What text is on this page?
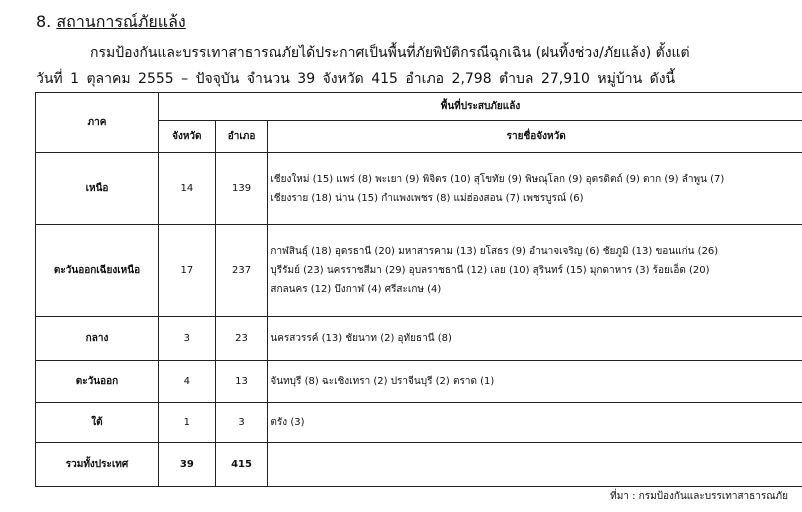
8. สถานการณ์ภัยแล้ง
กรมป้องกันและบรรเทาสาธารณภัยได้ประกาศเป็นพื้นที่ภัยพิบัติกรณีฉุกเฉิน (ฝนทิ้งช่วง/ภัยแล้ง) ตั้งแต่
วันที่ 1 ตุลาคม 2555 – ปัจจุบัน จำนวน 39 จังหวัด 415 อำเภอ 2,798 ตำบล 27,910 หมู่บ้าน ดังนี้
ภาค	พื้นที่ประสบภัยแล้ง		
	จังหวัด	อำเภอ	รายชื่อจังหวัด
เหนือ	14	139	เชียงใหม่ (15) แพร่ (8) พะเยา (9) พิจิตร (10) สุโขทัย (9) พิษณุโลก (9) อุตรดิตถ์ (9) ตาก (9) ลำพูน (7)
เชียงราย (18) น่าน (15) กำแพงเพชร (8) แม่ฮ่องสอน (7) เพชรบูรณ์ (6)

ตะวันออกเฉียงเหนือ	17	237	กาฬสินธุ์ (18) อุดรธานี (20) มหาสารคาม (13) ยโสธร (9) อำนาจเจริญ (6) ชัยภูมิ (13) ขอนแก่น (26)
บุรีรัมย์ (23) นครราชสีมา (29) อุบลราชธานี (12) เลย (10) สุรินทร์ (15) มุกดาหาร (3) ร้อยเอ็ด (20)
สกลนคร (12) บึงกาฬ (4) ศรีสะเกษ (4)

กลาง	3	23	นครสวรรค์ (13) ชัยนาท (2) อุทัยธานี (8)

ตะวันออก	4	13	จันทบุรี (8) ฉะเชิงเทรา (2) ปราจีนบุรี (2) ตราด (1)

ใต้	1	3	ตรัง (3)

รวมทั้งประเทศ	39	415	
ที่มา : กรมป้องกันและบรรเทาสาธารณภัย
